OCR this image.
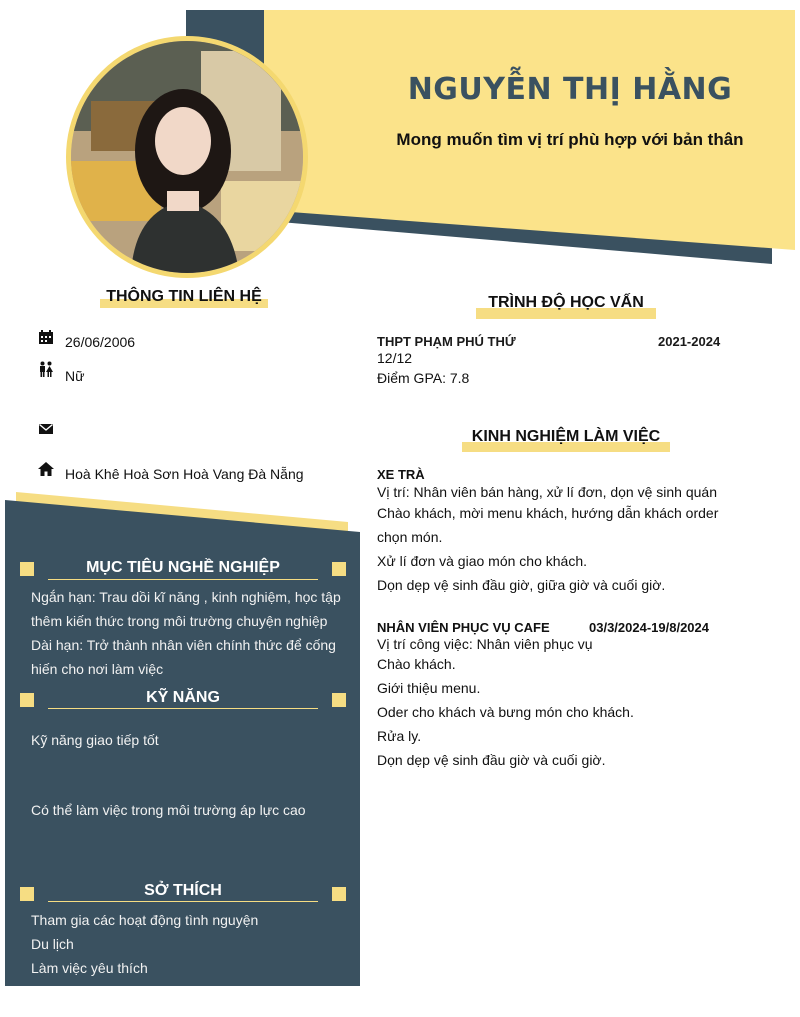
NGUYỄN THỊ HẰNG
Mong muốn tìm vị trí phù hợp với bản thân
THÔNG TIN LIÊN HỆ
26/06/2006
Nữ
Hoà Khê Hoà Sơn Hoà Vang Đà Nẵng
TRÌNH ĐỘ HỌC VẤN
THPT PHẠM PHÚ THỨ	2021-2024
12/12
Điểm GPA: 7.8
KINH NGHIỆM LÀM VIỆC
XE TRÀ
Vị trí: Nhân viên bán hàng, xử lí đơn, dọn vệ sinh quán
Chào khách, mời menu khách, hướng dẫn khách order
chọn món.
Xử lí đơn và giao món cho khách.
Dọn dẹp vệ sinh đầu giờ, giữa giờ và cuối giờ.
NHÂN VIÊN PHỤC VỤ CAFE	03/3/2024-19/8/2024
Vị trí công việc: Nhân viên phục vụ
Chào khách.
Giới thiệu menu.
Oder cho khách và bưng món cho khách.
Rửa ly.
Dọn dẹp vệ sinh đầu giờ và cuối giờ.
MỤC TIÊU NGHỀ NGHIỆP
Ngắn hạn: Trau dồi kĩ năng , kinh nghiệm, học tập
thêm kiến thức trong môi trường chuyện nghiệp
Dài hạn: Trở thành nhân viên chính thức để cống
hiến cho nơi làm việc
KỸ NĂNG
Kỹ năng giao tiếp tốt
Có thể làm việc trong môi trường áp lực cao
SỞ THÍCH
Tham gia các hoạt động tình nguyện
Du lịch
Làm việc yêu thích
